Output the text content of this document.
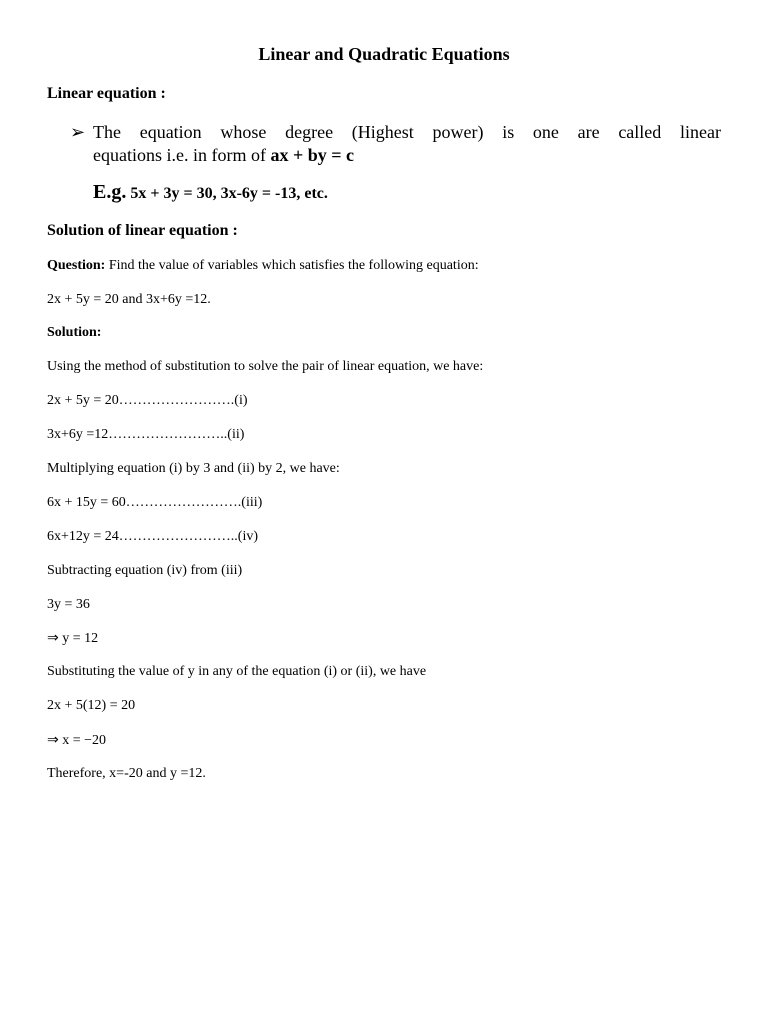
Linear and Quadratic Equations
Linear equation :
➢ The equation whose degree (Highest power) is one are called linear
equations i.e. in form of ax + by = c
E.g. 5x + 3y = 30, 3x-6y = -13, etc.
Solution of linear equation :
Question: Find the value of variables which satisfies the following equation:
2x + 5y = 20 and 3x+6y =12.
Solution:
Using the method of substitution to solve the pair of linear equation, we have:
2x + 5y = 20…………………….(i)
3x+6y =12……………………..(ii)
Multiplying equation (i) by 3 and (ii) by 2, we have:
6x + 15y = 60…………………….(iii)
6x+12y = 24……………………..(iv)
Subtracting equation (iv) from (iii)
3y = 36
⇒ y = 12
Substituting the value of y in any of the equation (i) or (ii), we have
2x + 5(12) = 20
⇒ x = −20
Therefore, x=-20 and y =12.
